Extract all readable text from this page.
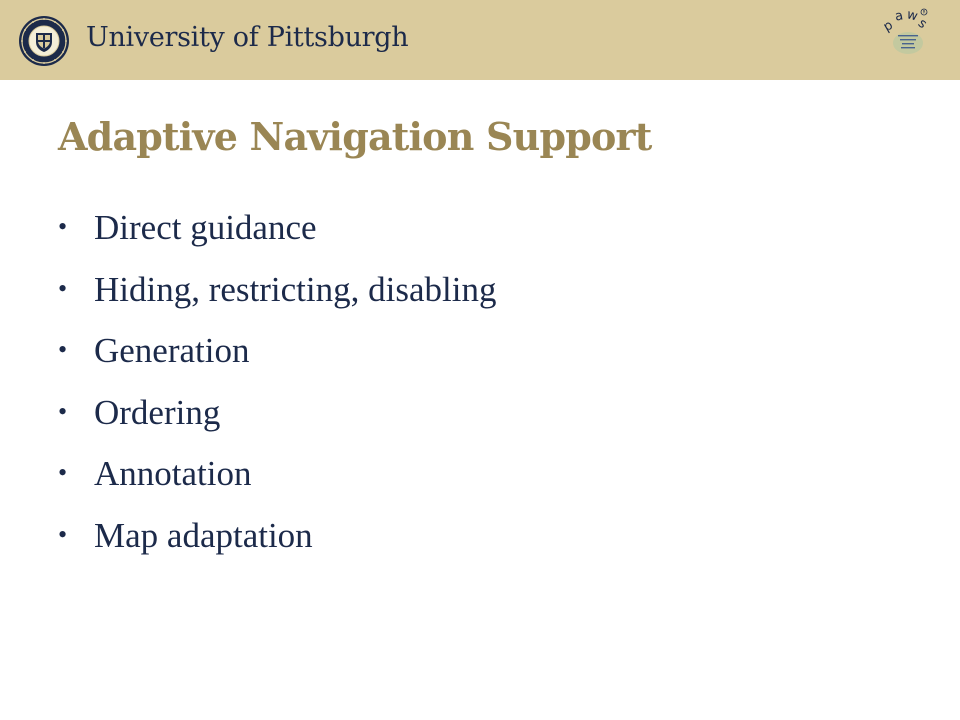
University of Pittsburgh
R
p
a w
s
Adaptive Navigation Support
• Direct guidance
• Hiding, restricting, disabling
• Generation
• Ordering
• Annotation
• Map adaptation
